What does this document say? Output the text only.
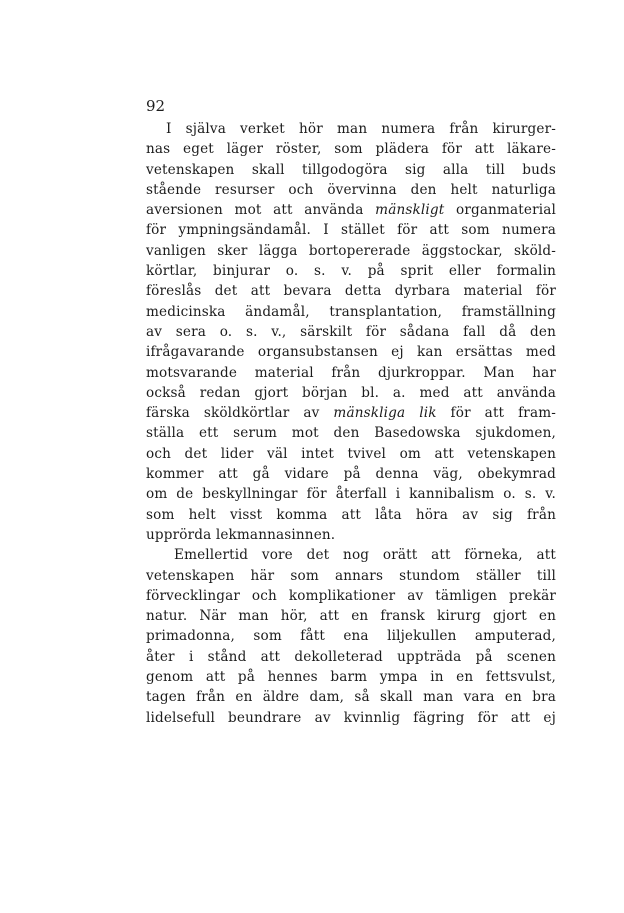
92
I själva verket hör man numera från kirurger-
nas eget läger röster, som plädera för att läkare-
vetenskapen skall tillgodogöra sig alla till buds
stående resurser och övervinna den helt naturliga
aversionen mot att använda mänskligt organmaterial
för ympningsändamål. I stället för att som numera
vanligen sker lägga bortopererade äggstockar, sköld-
körtlar, binjurar o. s. v. på sprit eller formalin
föreslås det att bevara detta dyrbara material för
medicinska ändamål, transplantation, framställning
av sera o. s. v., särskilt för sådana fall då den
ifrågavarande organsubstansen ej kan ersättas med
motsvarande material från djurkroppar. Man har
också redan gjort början bl. a. med att använda
färska sköldkörtlar av mänskliga lik för att fram-
ställa ett serum mot den Basedowska sjukdomen,
och det lider väl intet tvivel om att vetenskapen
kommer att gå vidare på denna väg, obekymrad
om de beskyllningar för återfall i kannibalism o. s. v.
som helt visst komma att låta höra av sig från
upprörda lekmannasinnen.
Emellertid vore det nog orätt att förneka, att
vetenskapen här som annars stundom ställer till
förvecklingar och komplikationer av tämligen prekär
natur. När man hör, att en fransk kirurg gjort en
primadonna, som fått ena liljekullen amputerad,
åter i stånd att dekolleterad uppträda på scenen
genom att på hennes barm ympa in en fettsvulst,
tagen från en äldre dam, så skall man vara en bra
lidelsefull beundrare av kvinnlig fägring för att ej
